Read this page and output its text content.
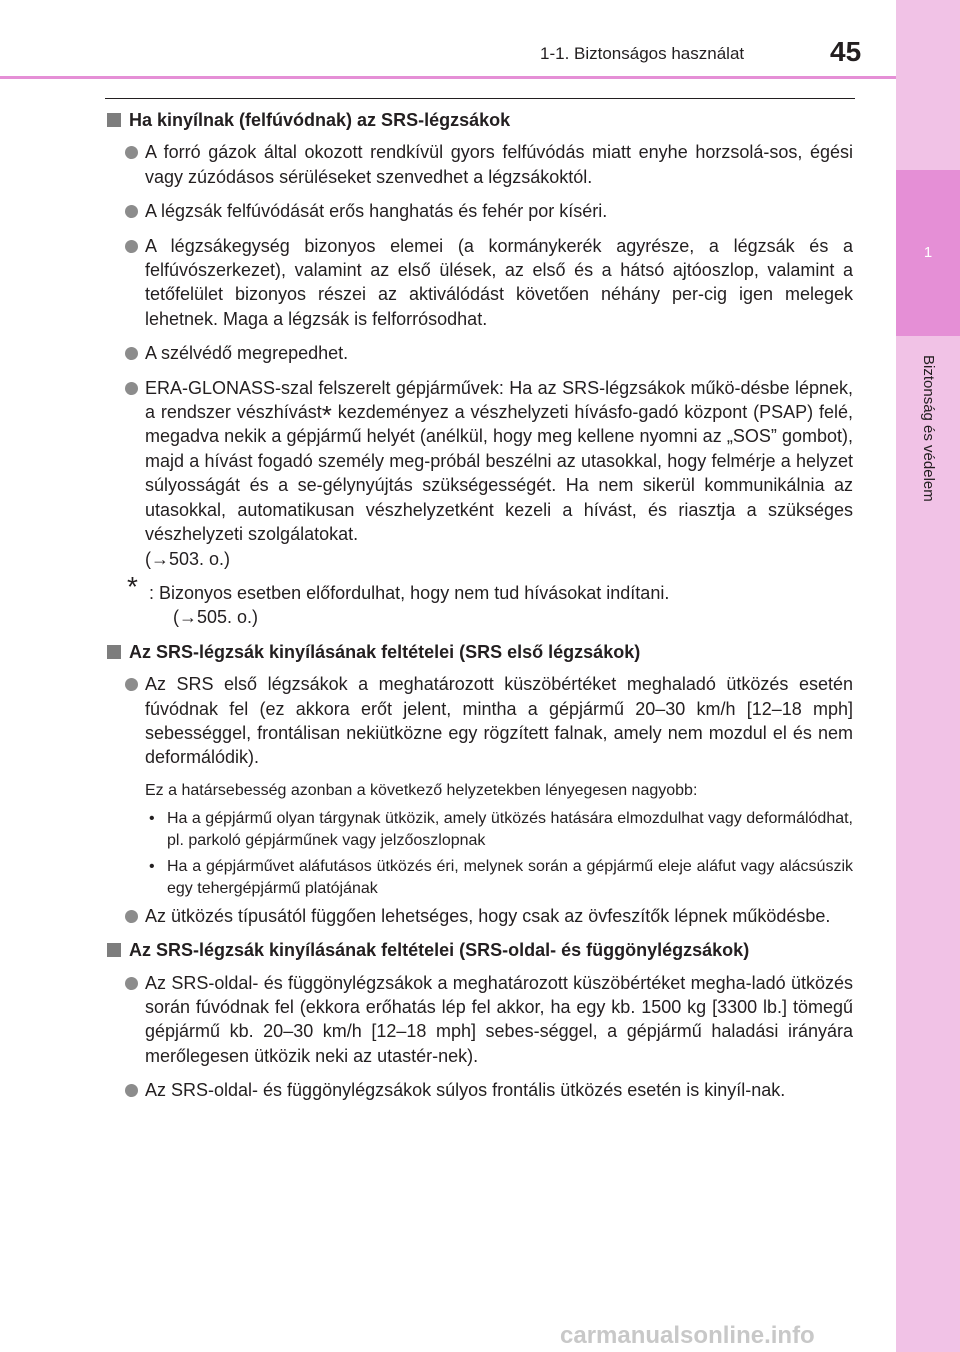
1
Biztonság és védelem
1-1. Biztonságos használat	45
Ha kinyílnak (felfúvódnak) az SRS-légzsákok
A forró gázok által okozott rendkívül gyors felfúvódás miatt enyhe horzsolá-sos, égési vagy zúzódásos sérüléseket szenvedhet a légzsákoktól.
A légzsák felfúvódását erős hanghatás és fehér por kíséri.
A légzsákegység bizonyos elemei (a kormánykerék agyrésze, a légzsák és a felfúvószerkezet), valamint az első ülések, az első és a hátsó ajtóoszlop, valamint a tetőfelület bizonyos részei az aktiválódást követően néhány per-cig igen melegek lehetnek. Maga a légzsák is felforrósodhat.
A szélvédő megrepedhet.
ERA-GLONASS-szal felszerelt gépjárművek: Ha az SRS-légzsákok műkö-désbe lépnek, a rendszer vészhívást* kezdeményez a vészhelyzeti hívásfo-gadó központ (PSAP) felé, megadva nekik a gépjármű helyét (anélkül, hogy meg kellene nyomni az „SOS” gombot), majd a hívást fogadó személy meg-próbál beszélni az utasokkal, hogy felmérje a helyzet súlyosságát és a se-gélynyújtás szükségességét. Ha nem sikerül kommunikálnia az utasokkal, automatikusan vészhelyzetként kezeli a hívást, és riasztja a szükséges vészhelyzeti szolgálatokat.
(→503. o.)
* : Bizonyos esetben előfordulhat, hogy nem tud hívásokat indítani.
(→505. o.)
Az SRS-légzsák kinyílásának feltételei (SRS első légzsákok)
Az SRS első légzsákok a meghatározott küszöbértéket meghaladó ütközés esetén fúvódnak fel (ez akkora erőt jelent, mintha a gépjármű 20–30 km/h [12–18 mph] sebességgel, frontálisan nekiütközne egy rögzített falnak, amely nem mozdul el és nem deformálódik).
Ez a határsebesség azonban a következő helyzetekben lényegesen nagyobb:
• Ha a gépjármű olyan tárgynak ütközik, amely ütközés hatására elmozdulhat vagy deformálódhat, pl. parkoló gépjárműnek vagy jelzőoszlopnak
• Ha a gépjárművet aláfutásos ütközés éri, melynek során a gépjármű eleje aláfut vagy alácsúszik egy tehergépjármű platójának
Az ütközés típusától függően lehetséges, hogy csak az övfeszítők lépnek működésbe.
Az SRS-légzsák kinyílásának feltételei (SRS-oldal- és függönylégzsákok)
Az SRS-oldal- és függönylégzsákok a meghatározott küszöbértéket megha-ladó ütközés során fúvódnak fel (ekkora erőhatás lép fel akkor, ha egy kb. 1500 kg [3300 lb.] tömegű gépjármű kb. 20–30 km/h [12–18 mph] sebes-séggel, a gépjármű haladási irányára merőlegesen ütközik neki az utastér-nek).
Az SRS-oldal- és függönylégzsákok súlyos frontális ütközés esetén is kinyíl-nak.
carmanualsonline.info
